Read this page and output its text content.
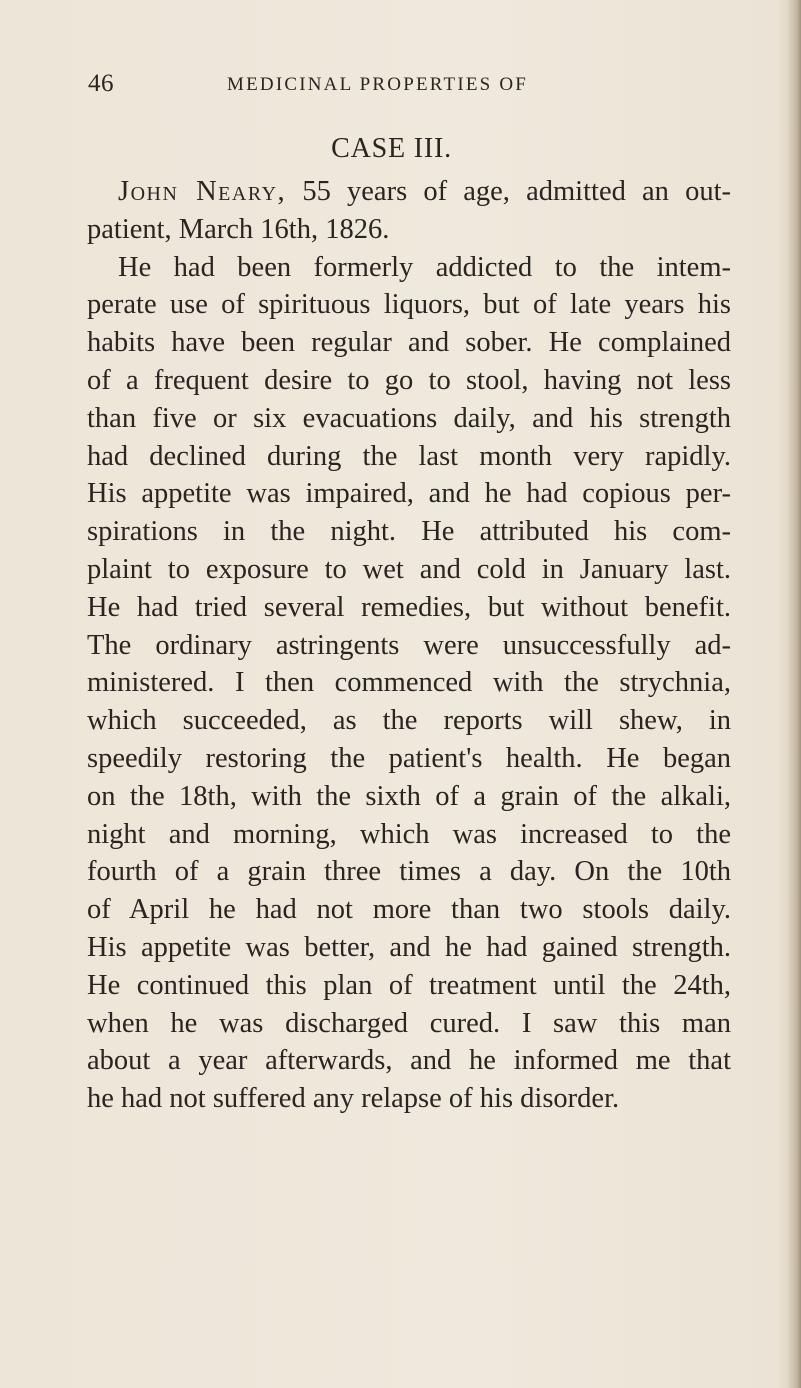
46	MEDICINAL PROPERTIES OF
CASE III.
John Neary, 55 years of age, admitted an out-
patient, March 16th, 1826.
He had been formerly addicted to the intem-
perate use of spirituous liquors, but of late years his
habits have been regular and sober. He complained
of a frequent desire to go to stool, having not less
than five or six evacuations daily, and his strength
had declined during the last month very rapidly.
His appetite was impaired, and he had copious per-
spirations in the night. He attributed his com-
plaint to exposure to wet and cold in January last.
He had tried several remedies, but without benefit.
The ordinary astringents were unsuccessfully ad-
ministered. I then commenced with the strychnia,
which succeeded, as the reports will shew, in
speedily restoring the patient's health. He began
on the 18th, with the sixth of a grain of the alkali,
night and morning, which was increased to the
fourth of a grain three times a day. On the 10th
of April he had not more than two stools daily.
His appetite was better, and he had gained strength.
He continued this plan of treatment until the 24th,
when he was discharged cured. I saw this man
about a year afterwards, and he informed me that
he had not suffered any relapse of his disorder.
